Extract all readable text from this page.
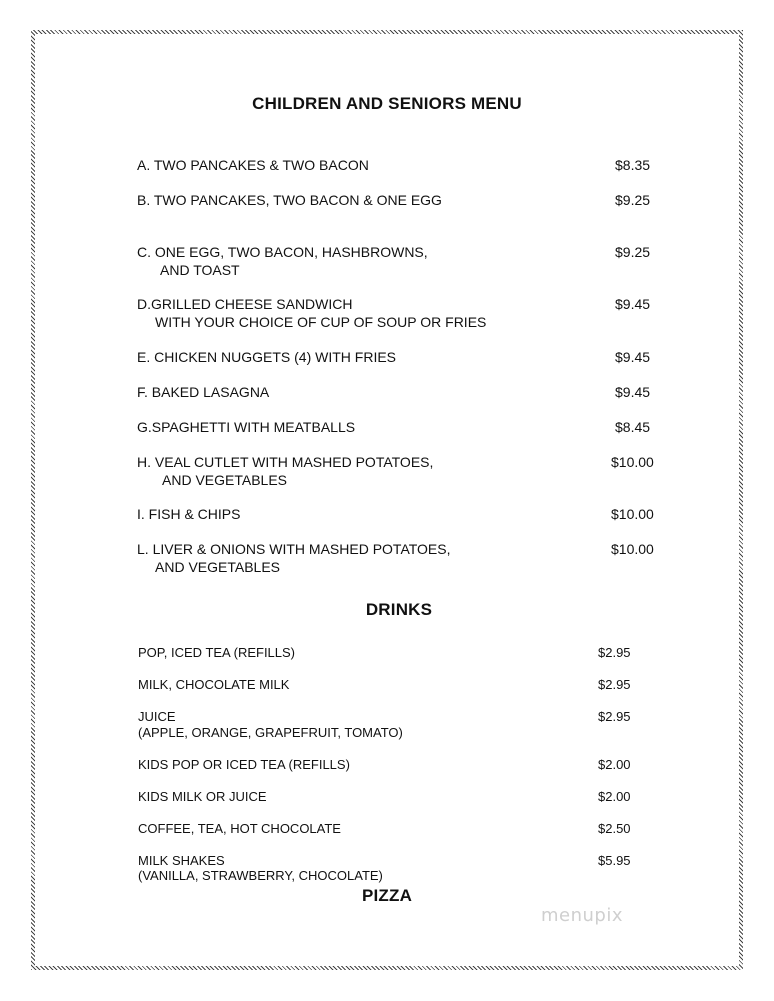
CHILDREN AND SENIORS MENU
A. TWO PANCAKES & TWO BACON	$8.35
B. TWO PANCAKES, TWO BACON & ONE EGG	$9.25
C. ONE EGG, TWO BACON, HASHBROWNS,
AND TOAST
$9.25
D.GRILLED CHEESE SANDWICH
WITH YOUR CHOICE OF CUP OF SOUP OR FRIES
$9.45
E. CHICKEN NUGGETS (4) WITH FRIES	$9.45
F. BAKED LASAGNA	$9.45
G.SPAGHETTI WITH MEATBALLS	$8.45
H. VEAL CUTLET WITH MASHED POTATOES,
AND VEGETABLES
$10.00
I. FISH & CHIPS	$10.00
L. LIVER & ONIONS WITH MASHED POTATOES,
AND VEGETABLES
$10.00
DRINKS
POP, ICED TEA (REFILLS)	$2.95
MILK, CHOCOLATE MILK	$2.95
JUICE
(APPLE, ORANGE, GRAPEFRUIT, TOMATO)
$2.95
KIDS POP OR ICED TEA (REFILLS)	$2.00
KIDS MILK OR JUICE	$2.00
COFFEE, TEA, HOT CHOCOLATE	$2.50
MILK SHAKES
(VANILLA, STRAWBERRY, CHOCOLATE)
$5.95
PIZZA
menupix
